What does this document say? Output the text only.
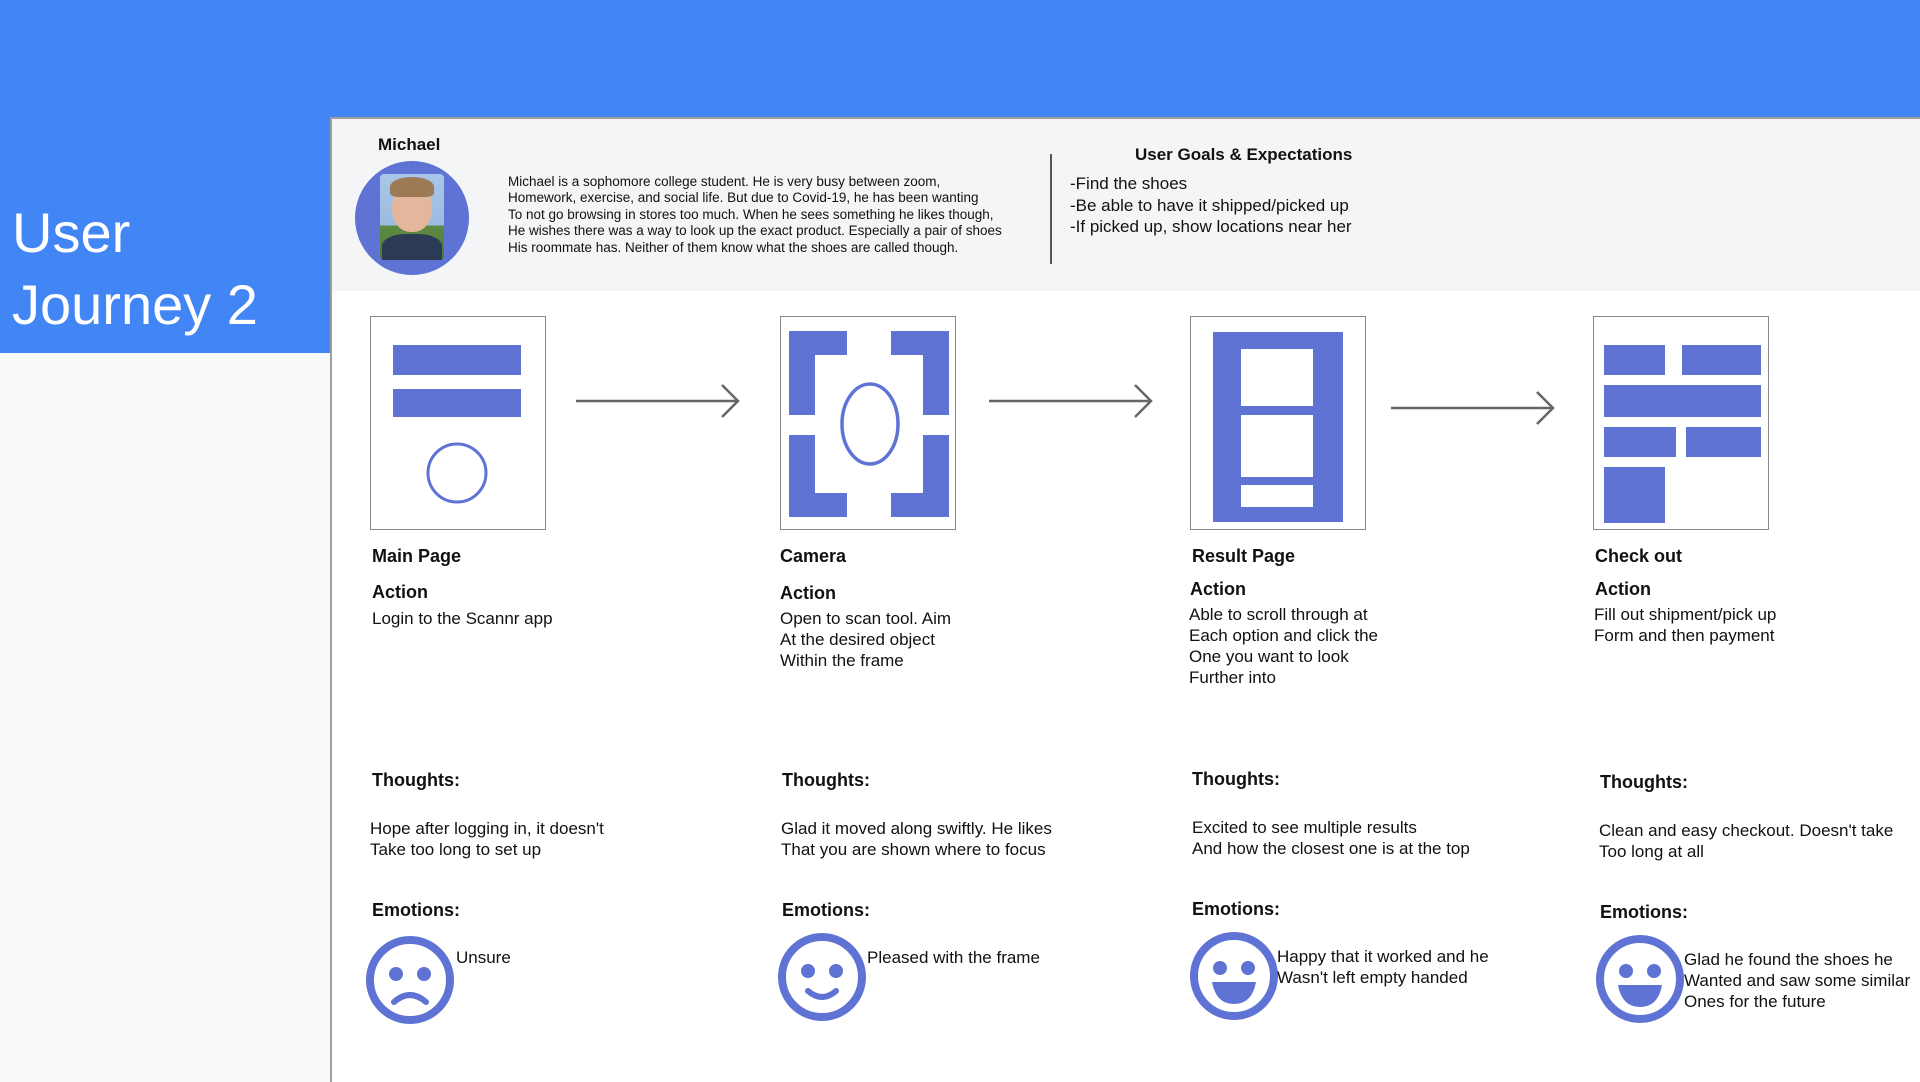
User
Journey 2
Michael
Michael is a sophomore college student. He is very busy between zoom,
Homework, exercise, and social life. But due to Covid-19, he has been wanting
To not go browsing in stores too much. When he sees something he likes though,
He wishes there was a way to look up the exact product. Especially a pair of shoes
His roommate has. Neither of them know what the shoes are called though.
User Goals & Expectations
-Find the shoes
-Be able to have it shipped/picked up
-If picked up, show locations near her
Main Page
Action
Login to the Scannr app
Thoughts:
Hope after logging in, it doesn't
Take too long to set up
Emotions:
Unsure
Camera
Action
Open to scan tool. Aim
At the desired object
Within the frame
Thoughts:
Glad it moved along swiftly. He likes
That you are shown where to focus
Emotions:
Pleased with the frame
Result Page
Action
Able to scroll through at
Each option and click the
One you want to look
Further into
Thoughts:
Excited to see multiple results
And how the closest one is at the top
Emotions:
Happy that it worked and he
Wasn't left empty handed
Check out
Action
Fill out shipment/pick up
Form and then payment
Thoughts:
Clean and easy checkout. Doesn't take
Too long at all
Emotions:
Glad he found the shoes he
Wanted and saw some similar
Ones for the future
